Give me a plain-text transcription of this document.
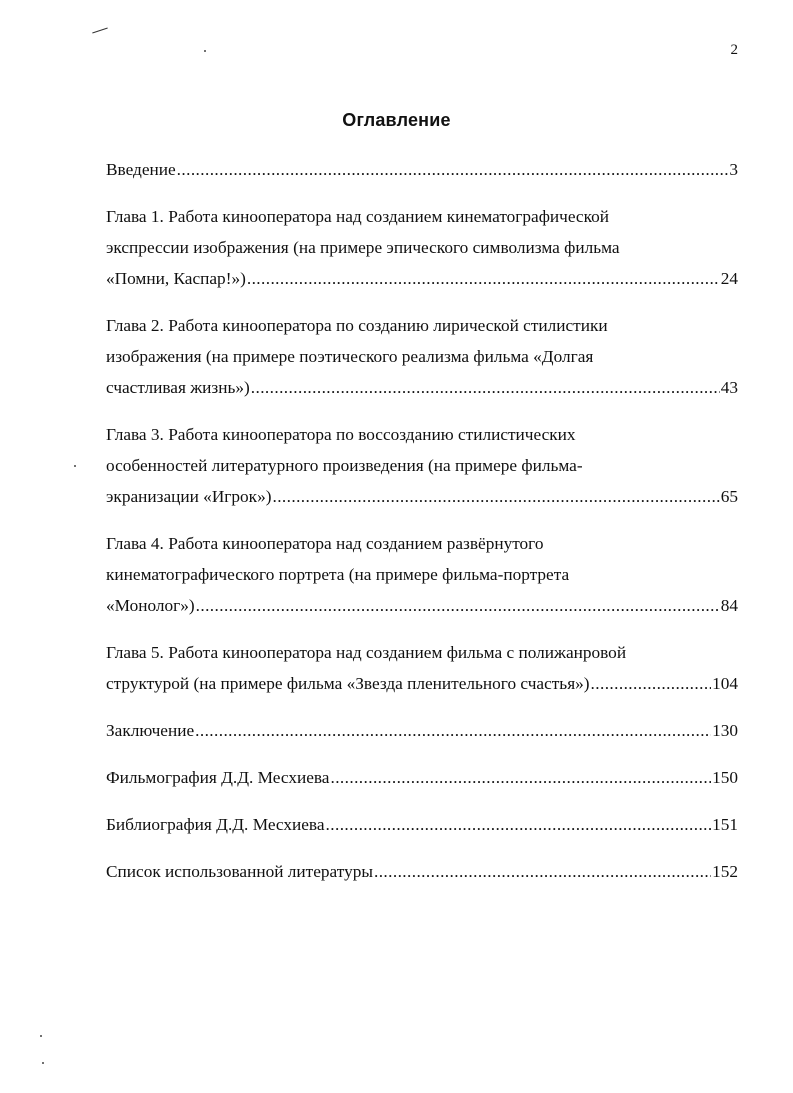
2
Оглавление
Введение .....	3
Глава 1. Работа кинооператора над созданием кинематографической
экспрессии изображения (на примере эпического символизма фильма
«Помни, Каспар!») .....	24
Глава 2. Работа кинооператора по созданию лирической стилистики
изображения (на примере поэтического реализма фильма «Долгая
счастливая жизнь») .....	43
Глава 3. Работа кинооператора по воссозданию стилистических
особенностей литературного произведения (на примере фильма-
экранизации «Игрок») .....	65
Глава 4. Работа кинооператора над созданием развёрнутого
кинематографического портрета (на примере фильма-портрета
«Монолог») .....	84
Глава 5. Работа кинооператора над созданием фильма с полижанровой
структурой (на примере фильма «Звезда пленительного счастья») .....	104
Заключение .....	130
Фильмография Д.Д. Месхиева .....	150
Библиография Д.Д. Месхиева .....	151
Список использованной литературы .....	152
